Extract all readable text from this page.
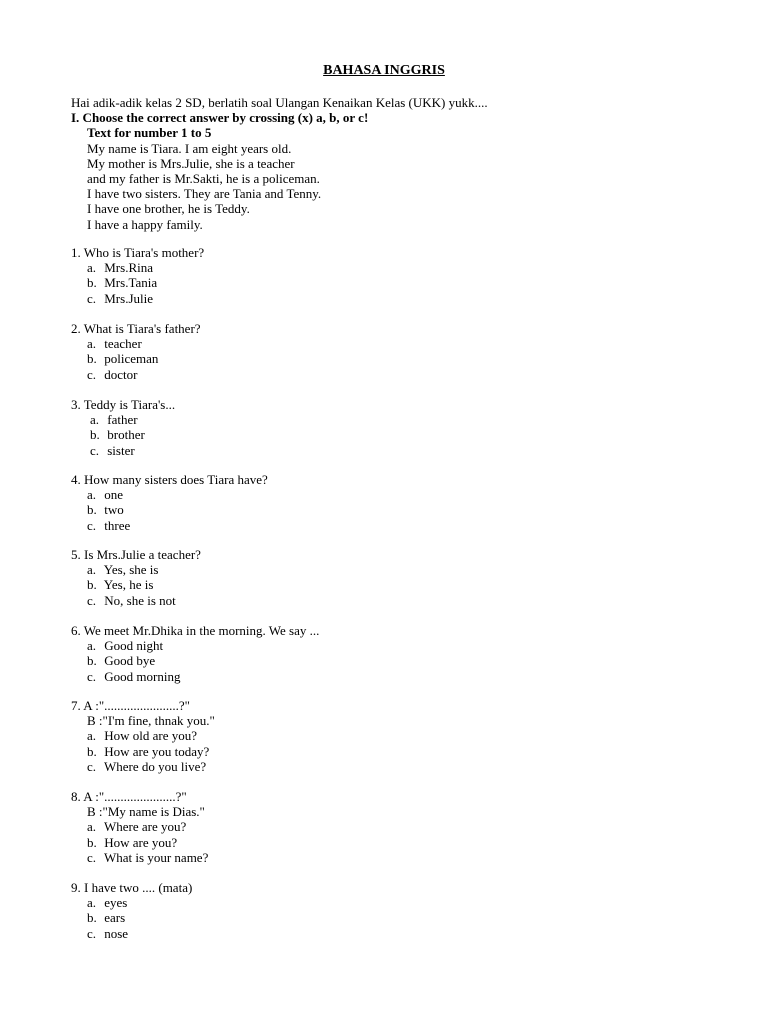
BAHASA INGGRIS
Hai adik-adik kelas 2 SD, berlatih soal Ulangan Kenaikan Kelas (UKK) yukk....
I. Choose the correct answer by crossing (x) a, b, or c!
Text for number 1 to 5
My name is Tiara. I am eight years old.
My mother is Mrs.Julie, she is a teacher
and my father is Mr.Sakti, he is a policeman.
I have two sisters. They are Tania and Tenny.
I have one brother, he is Teddy.
I have a happy family.
1. Who is Tiara's mother?
a. Mrs.Rina
b. Mrs.Tania
c. Mrs.Julie
2. What is Tiara's father?
a. teacher
b. policeman
c. doctor
3. Teddy is Tiara's...
a. father
b. brother
c. sister
4. How many sisters does Tiara have?
a. one
b. two
c. three
5. Is Mrs.Julie a teacher?
a. Yes, she is
b. Yes, he is
c. No, she is not
6. We meet Mr.Dhika in the morning. We say ...
a. Good night
b. Good bye
c. Good morning
7. A :".......................?"
B :"I'm fine, thnak you."
a. How old are you?
b. How are you today?
c. Where do you live?
8. A :"......................?"
B :"My name is Dias."
a. Where are you?
b. How are you?
c. What is your name?
9. I have two .... (mata)
a. eyes
b. ears
c. nose
